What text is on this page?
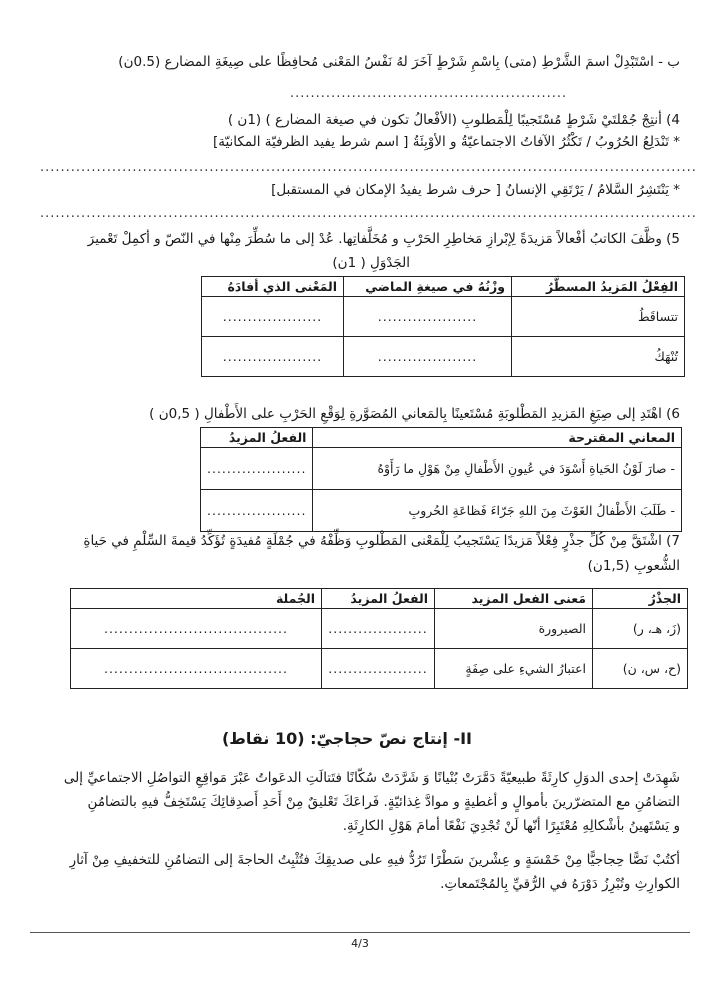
ب - اسْتَبْدِلْ اسمَ الشَّرْطِ (متى) بِاسْمِ شَرْطٍ آخَرَ لهُ نَفْسُ المَعْنى مُحافِظًا على صِيغَةِ المضارع (0.5ن)
......................................................
4) أنتِجْ جُمْلتَيْ شَرْطٍ مُسْتَجيبًا لِلْمَطلوبِ (الأفْعالُ تكون في صيغة المضارع ) (1ن )
* تَنْدَلِعُ الحُرُوبُ / تَكْثُرُ الآفاتُ الاجتماعيّةُ و الأوْبِئَةُ [ اسم شرط يفيد الظرفيّة المكانيّة]
................................................................................................................................
* يَنْتَشِرُ السَّلامُ / يَرْتَقِي الإنسانُ [ حرف شرط يفيدُ الإمكان في المستقبل]
................................................................................................................................
5) وظَّفَ الكاتبُ أفْعالاً مَزيدَةً لِإبْرازِ مَخاطِرِ الحَرْبِ و مُخَلَّفاتِها. عُدْ إلى ما سُطِّرَ مِنْها في النّصّ و أكمِلْ تَعْميرَ
الجَدْوَلِ ( 1ن)
الفِعْلُ المَزيدُ المسطَّرُ	وزْنُهُ في صيغةِ الماضي	المَعْنى الذي أفادَهُ
تتساقَطُ	....................	....................
تُنْهَكُ	....................	....................
6) اهْتَدِ إلى صِيَغِ المَزيدِ المَطْلوبَةِ مُسْتَعينًا بِالمَعاني المُصَوَّرةِ لِوَقْعِ الحَرْبِ على الأَطْفالِ ( 0,5ن )
المعاني المقترحة	الفعلُ المزيدُ
- صارَ لَوْنُ الحَياةِ أَسْوَدَ في عُيونِ الأَطْفالِ مِنْ هَوْلِ ما رَأَوْهُ	....................
- طَلَبَ الأَطْفالُ الغَوْثَ مِنَ اللهِ جَرّاءَ فَظاعَةِ الحُروبِ	....................
7) اشْتَقَّ مِنْ كُلِّ جذْرٍ فِعْلاً مَزيدًا يَسْتَجيبُ لِلْمَعْنى المَطْلوبِ وَظِّفْهُ في جُمْلَةٍ مُفيدَةٍ تُؤَكِّدُ قيمةَ السِّلْمِ في حَياةِ
الشُّعوبِ (1,5ن)
الجذْرُ	مَعنى الفعل المزيد	الفعلُ المزيدُ	الجُملة
(زَ، هـ، ر)	الصيرورة	....................	.....................................
(ح، س، ن)	اعتبارُ الشيءِ على صِفَةٍ	....................	.....................................
II- إنتاج نصّ حجاجيّ: (10 نقاط)
شَهِدَتْ إحدى الدوَلِ كارِثَةً طبيعيّةً دَمَّرَتْ بُنْيانًا وَ شَرَّدَتْ سُكّانًا فتَتالَتِ الدعَواتُ عَبْرَ مَواقِعِ التواصُلِ الاجتماعيِّ إلى
التضامُنِ مع المتضرّرينَ بأموالٍ و أغطيةٍ و موادَّ غِذائيّةٍ. فَراعَكَ تَعْليقٌ مِنْ أَحَدِ أَصدِقائِكَ يَسْتَخِفُّ فيهِ بالتضامُنِ
و يَسْتَهينُ بأشْكالِهِ مُعْتَبِرًا أنّها لَنْ تُجْدِيَ نَفْعًا أمامَ هَوْلِ الكارِثَةِ.
أكتُبْ نَصًّا حِجاجيًّا مِنْ خَمْسَةٍ و عِشْرينَ سَطْرًا تَرُدُّ فيهِ على صديقِكَ فتُثْبِتُ الحاجةَ إلى التضامُنِ للتخفيفِ مِنْ آثارِ
الكوارِثِ وتُبْرِزُ دَوْرَهُ في الرُّقيِّ بِالمُجْتَمعاتِ.
4/3
